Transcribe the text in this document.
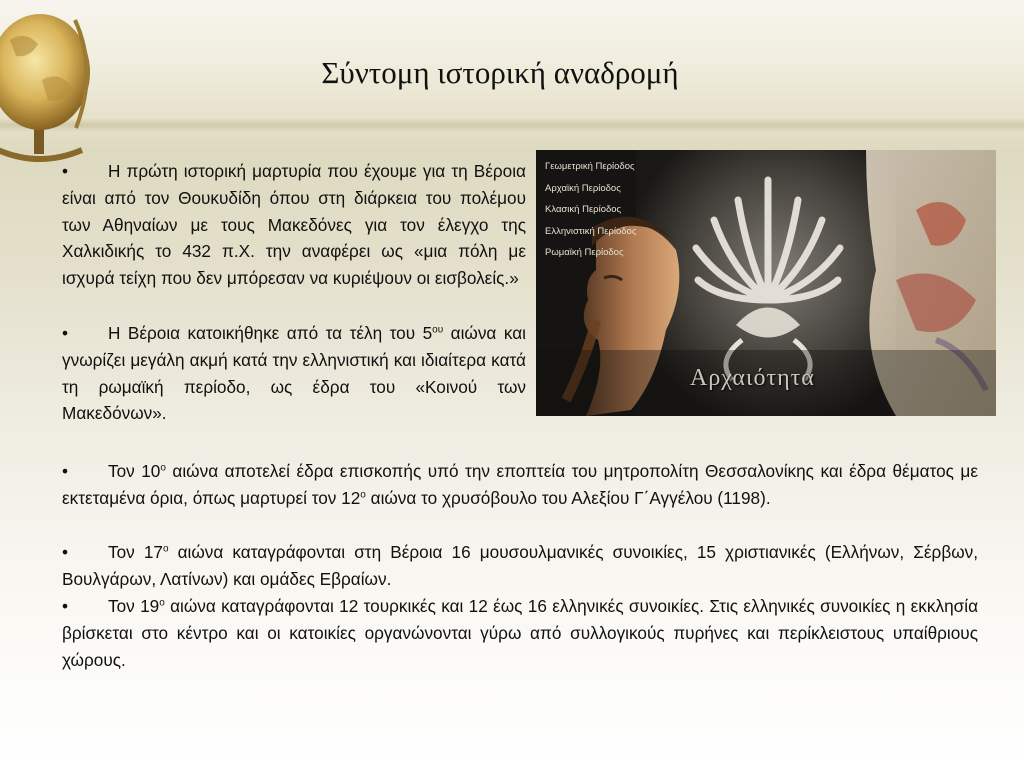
Σύντομη ιστορική αναδρομή

• Η πρώτη ιστορική μαρτυρία που έχουμε για τη Βέροια είναι από τον Θουκυδίδη όπου στη διάρκεια του πολέμου των Αθηναίων με τους Μακεδόνες για τον έλεγχο της Χαλκιδικής το 432 π.Χ. την αναφέρει ως «μια πόλη με ισχυρά τείχη που δεν μπόρεσαν να κυριέψουν οι εισβολείς.»

• Η Βέροια κατοικήθηκε από τα τέλη του $5^{o\upsilon}$ αιώνα και γνωρίζει μεγάλη ακμή κατά την ελληνιστική και ιδιαίτερα κατά τη ρωμαϊκή περίοδο, ως έδρα του «Κοινού των Μακεδόνων».

• Τον $10^o$ αιώνα αποτελεί έδρα επισκοπής υπό την εποπτεία του μητροπολίτη Θεσσαλονίκης και έδρα θέματος με εκτεταμένα όρια, όπως μαρτυρεί τον $12^o$ αιώνα το χρυσόβουλο του Αλεξίου Γ΄Αγγέλου (1198).

• Τον $17^o$ αιώνα καταγράφονται στη Βέροια 16 μουσουλμανικές συνοικίες, 15 χριστιανικές (Ελλήνων, Σέρβων, Βουλγάρων, Λατίνων) και ομάδες Εβραίων.

• Τον $19^o$ αιώνα καταγράφονται 12 τουρκικές και 12 έως 16 ελληνικές συνοικίες. Στις ελληνικές συνοικίες η εκκλησία βρίσκεται στο κέντρο και οι κατοικίες οργανώνονται γύρω από συλλογικούς πυρήνες και περίκλειστους υπαίθριους χώρους.

Γεωμετρική Περίοδος
Αρχαϊκή Περίοδος
Κλασική Περίοδος
Ελληνιστική Περίοδος
Ρωμαϊκή Περίοδος
Αρχαιότητα
